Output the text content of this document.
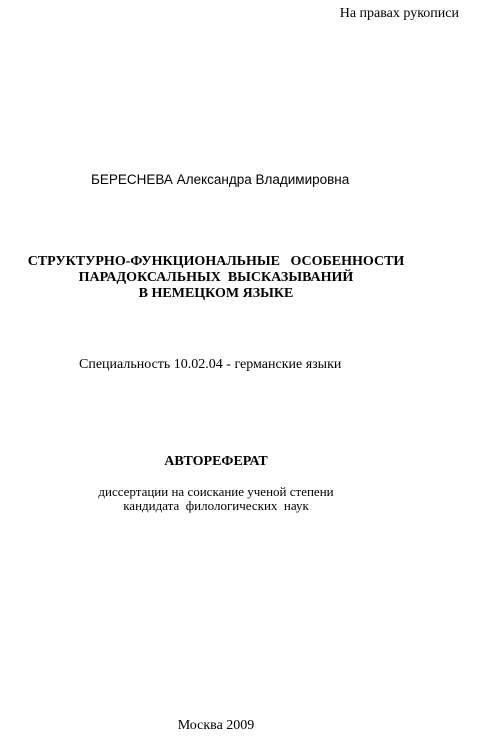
На правах рукописи
БЕРЕСНЕВА Александра Владимировна
СТРУКТУРНО-ФУНКЦИОНАЛЬНЫЕ   ОСОБЕННОСТИ
ПАРАДОКСАЛЬНЫХ  ВЫСКАЗЫВАНИЙ
В НЕМЕЦКОМ ЯЗЫКЕ
Специальность 10.02.04 - германские языки
АВТОРЕФЕРАТ
диссертации на соискание ученой степени
кандидата  филологических  наук
Москва 2009
